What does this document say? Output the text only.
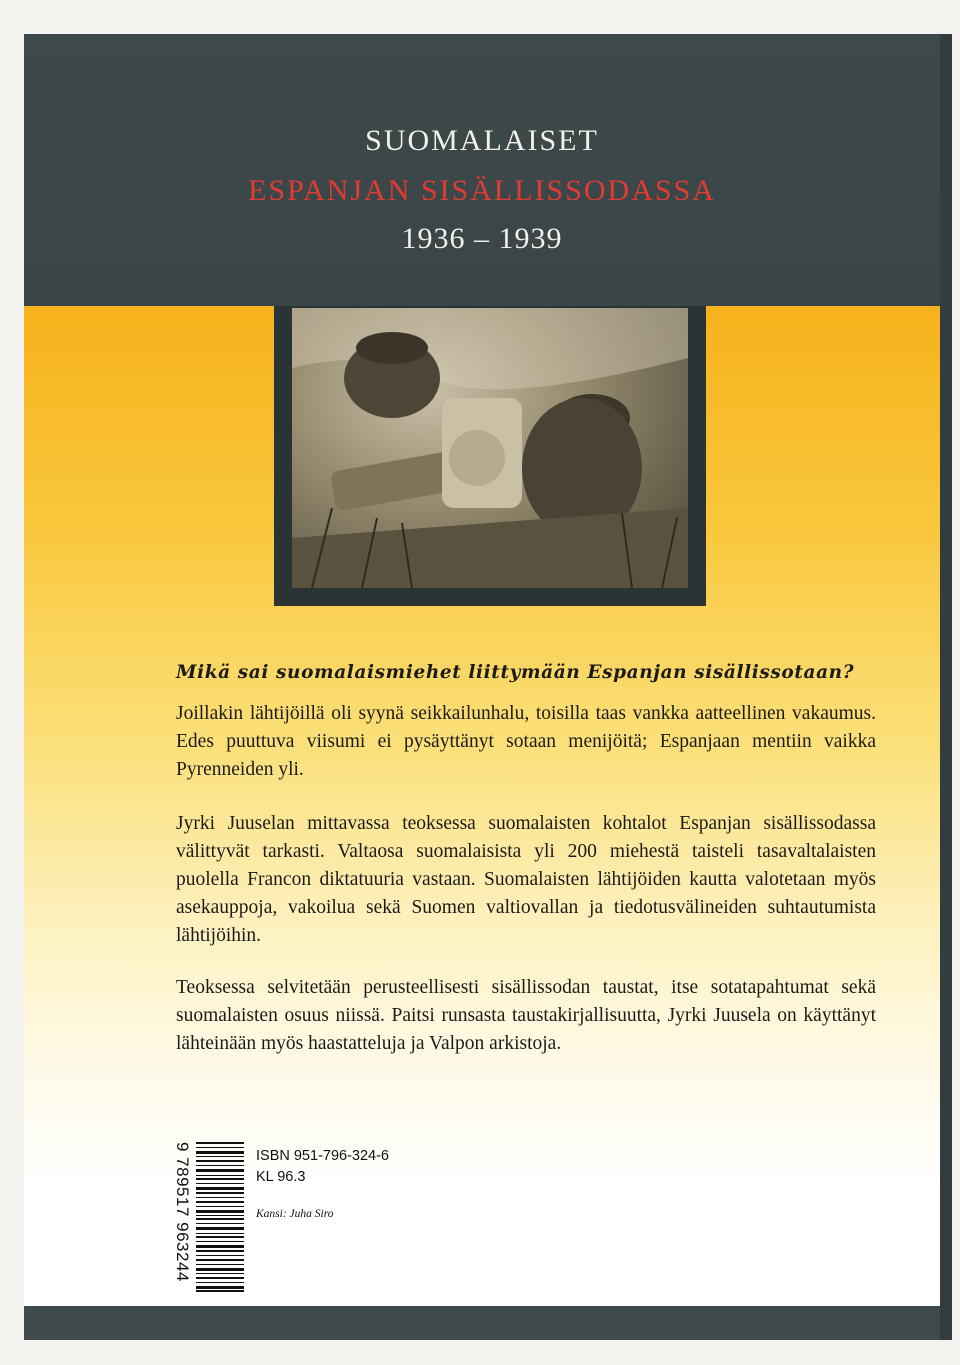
SUOMALAISET
ESPANJAN SISÄLLISSODASSA
1936 – 1939
Mikä sai suomalaismiehet liittymään Espanjan sisällissotaan?
Joillakin lähtijöillä oli syynä seikkailunhalu, toisilla taas vankka aatteellinen vakaumus. Edes puuttuva viisumi ei pysäyttänyt sotaan menijöitä; Espanjaan mentiin vaikka Pyrenneiden yli.
Jyrki Juuselan mittavassa teoksessa suomalaisten kohtalot Espanjan sisällissodassa välittyvät tarkasti. Valtaosa suomalaisista yli 200 miehestä taisteli tasavaltalaisten puolella Francon diktatuuria vastaan. Suomalaisten lähtijöiden kautta valotetaan myös asekauppoja, vakoilua sekä Suomen valtiovallan ja tiedotusvälineiden suhtautumista lähtijöihin.
Teoksessa selvitetään perusteellisesti sisällissodan taustat, itse sotatapahtumat sekä suomalaisten osuus niissä. Paitsi runsasta taustakirjallisuutta, Jyrki Juusela on käyttänyt lähteinään myös haastatteluja ja Valpon arkistoja.
9 789517 963244	ISBN 951-796-324-6
KL 96.3
Kansi: Juha Siro
